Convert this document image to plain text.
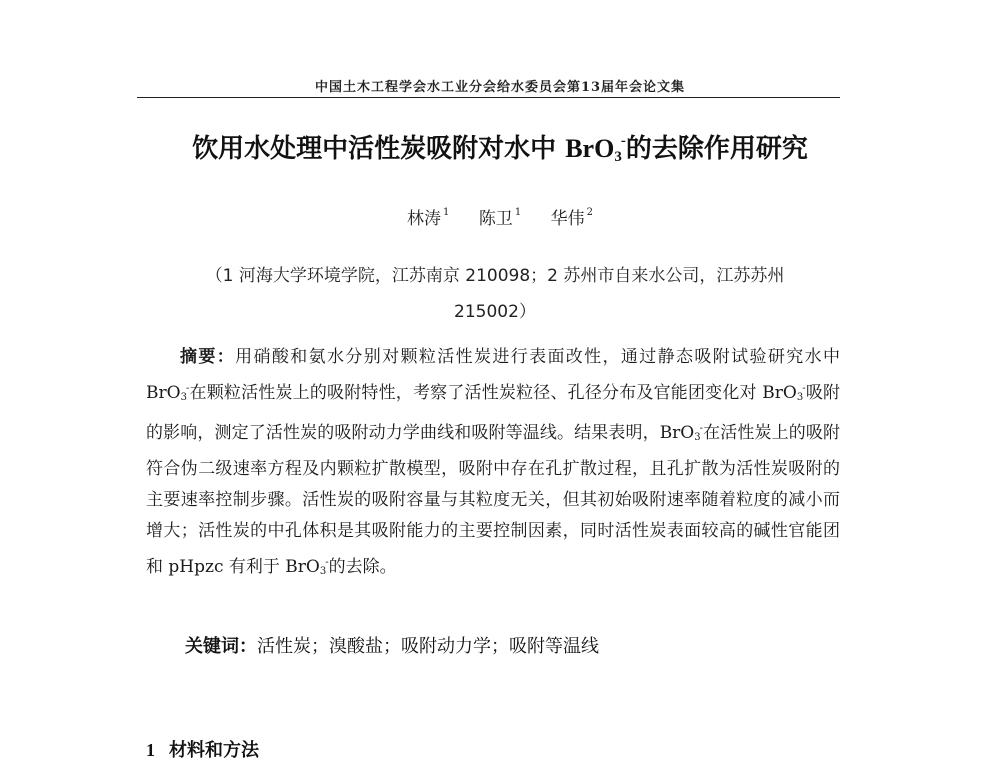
中国土木工程学会水工业分会给水委员会第13届年会论文集
饮用水处理中活性炭吸附对水中 BrO$_3$-的去除作用研究
林涛 $^1$ 陈卫 $^1$ 华伟 $^2$
（1 河海大学环境学院，江苏南京 210098；2 苏州市自来水公司，江苏苏州
215002）
摘要：用硝酸和氨水分别对颗粒活性炭进行表面改性，通过静态吸附试验研究水中 BrO$_3$-在颗粒活性炭上的吸附特性，考察了活性炭粒径、孔径分布及官能团变化对 BrO$_3$-吸附的影响，测定了活性炭的吸附动力学曲线和吸附等温线。结果表明，BrO$_3$-在活性炭上的吸附符合伪二级速率方程及内颗粒扩散模型，吸附中存在孔扩散过程，且孔扩散为活性炭吸附的主要速率控制步骤。活性炭的吸附容量与其粒度无关，但其初始吸附速率随着粒度的减小而增大；活性炭的中孔体积是其吸附能力的主要控制因素，同时活性炭表面较高的碱性官能团和 pHpzc 有利于 BrO$_3$-的去除。
关键词：活性炭；溴酸盐；吸附动力学；吸附等温线
1 材料和方法
